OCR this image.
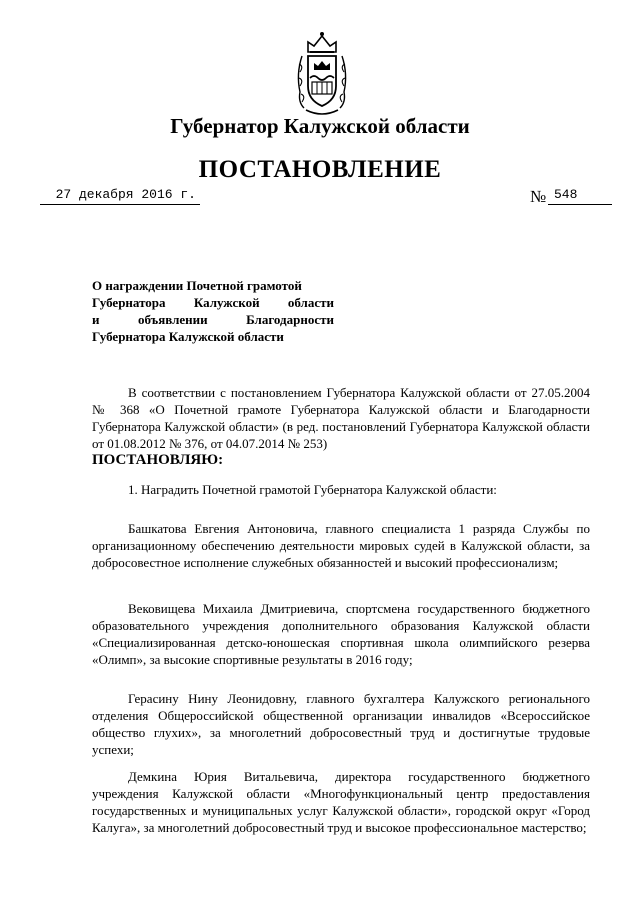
Губернатор Калужской области
ПОСТАНОВЛЕНИЕ
27 декабря 2016 г.	№ 548
О награждении Почетной грамотой
Губернатора Калужской области
и объявлении Благодарности
Губернатора Калужской области

В соответствии с постановлением Губернатора Калужской области от 27.05.2004 № 368 «О Почетной грамоте Губернатора Калужской области и Благодарности Губернатора Калужской области» (в ред. постановлений Губернатора Калужской области от 01.08.2012 № 376, от 04.07.2014 № 253)

ПОСТАНОВЛЯЮ:
1. Наградить Почетной грамотой Губернатора Калужской области:

Башкатова Евгения Антоновича, главного специалиста 1 разряда Службы по организационному обеспечению деятельности мировых судей в Калужской области, за добросовестное исполнение служебных обязанностей и высокий профессионализм;

Вековищева Михаила Дмитриевича, спортсмена государственного бюджетного образовательного учреждения дополнительного образования Калужской области «Специализированная детско-юношеская спортивная школа олимпийского резерва «Олимп», за высокие спортивные результаты в 2016 году;

Герасину Нину Леонидовну, главного бухгалтера Калужского регионального отделения Общероссийской общественной организации инвалидов «Всероссийское общество глухих», за многолетний добросовестный труд и достигнутые трудовые успехи;

Демкина Юрия Витальевича, директора государственного бюджетного учреждения Калужской области «Многофункциональный центр предоставления государственных и муниципальных услуг Калужской области», городской округ «Город Калуга», за многолетний добросовестный труд и высокое профессиональное мастерство;
